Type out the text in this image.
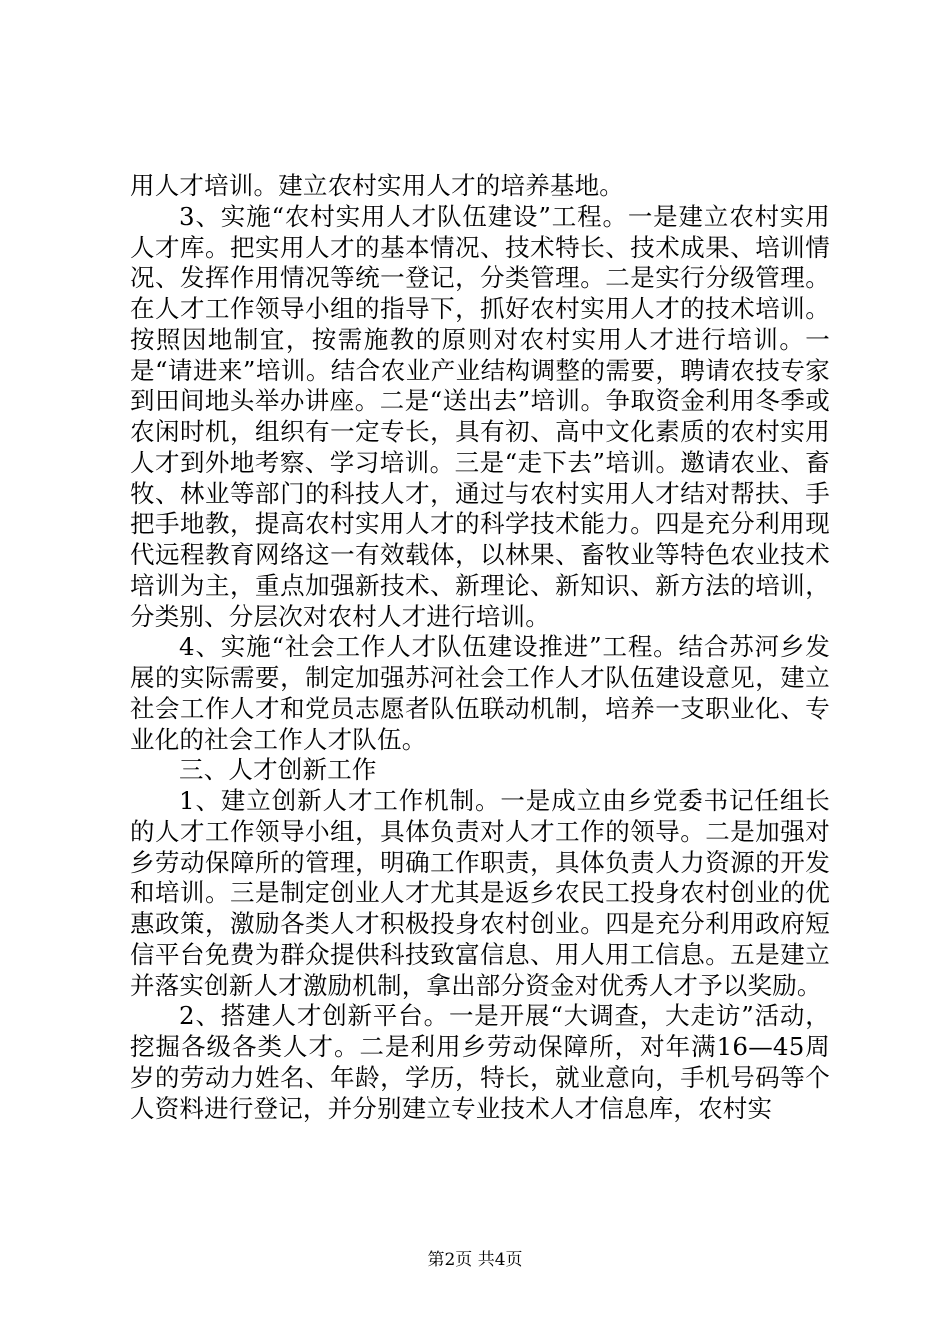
用人才培训。建立农村实用人才的培养基地。

3、实施“农村实用人才队伍建设”工程。一是建立农村实用人才库。把实用人才的基本情况、技术特长、技术成果、培训情况、发挥作用情况等统一登记，分类管理。二是实行分级管理。在人才工作领导小组的指导下，抓好农村实用人才的技术培训。按照因地制宜，按需施教的原则对农村实用人才进行培训。一是“请进来”培训。结合农业产业结构调整的需要，聘请农技专家到田间地头举办讲座。二是“送出去”培训。争取资金利用冬季或农闲时机，组织有一定专长，具有初、高中文化素质的农村实用人才到外地考察、学习培训。三是“走下去”培训。邀请农业、畜牧、林业等部门的科技人才，通过与农村实用人才结对帮扶、手把手地教，提高农村实用人才的科学技术能力。四是充分利用现代远程教育网络这一有效载体，以林果、畜牧业等特色农业技术培训为主，重点加强新技术、新理论、新知识、新方法的培训，分类别、分层次对农村人才进行培训。

4、实施“社会工作人才队伍建设推进”工程。结合苏河乡发展的实际需要，制定加强苏河社会工作人才队伍建设意见，建立社会工作人才和党员志愿者队伍联动机制，培养一支职业化、专业化的社会工作人才队伍。

三、人才创新工作

1、建立创新人才工作机制。一是成立由乡党委书记任组长的人才工作领导小组，具体负责对人才工作的领导。二是加强对乡劳动保障所的管理，明确工作职责，具体负责人力资源的开发和培训。三是制定创业人才尤其是返乡农民工投身农村创业的优惠政策，激励各类人才积极投身农村创业。四是充分利用政府短信平台免费为群众提供科技致富信息、用人用工信息。五是建立并落实创新人才激励机制，拿出部分资金对优秀人才予以奖励。

2、搭建人才创新平台。一是开展“大调查，大走访”活动，挖掘各级各类人才。二是利用乡劳动保障所，对年满16—45周岁的劳动力姓名、年龄，学历，特长，就业意向，手机号码等个人资料进行登记，并分别建立专业技术人才信息库，农村实

第2页 共4页
